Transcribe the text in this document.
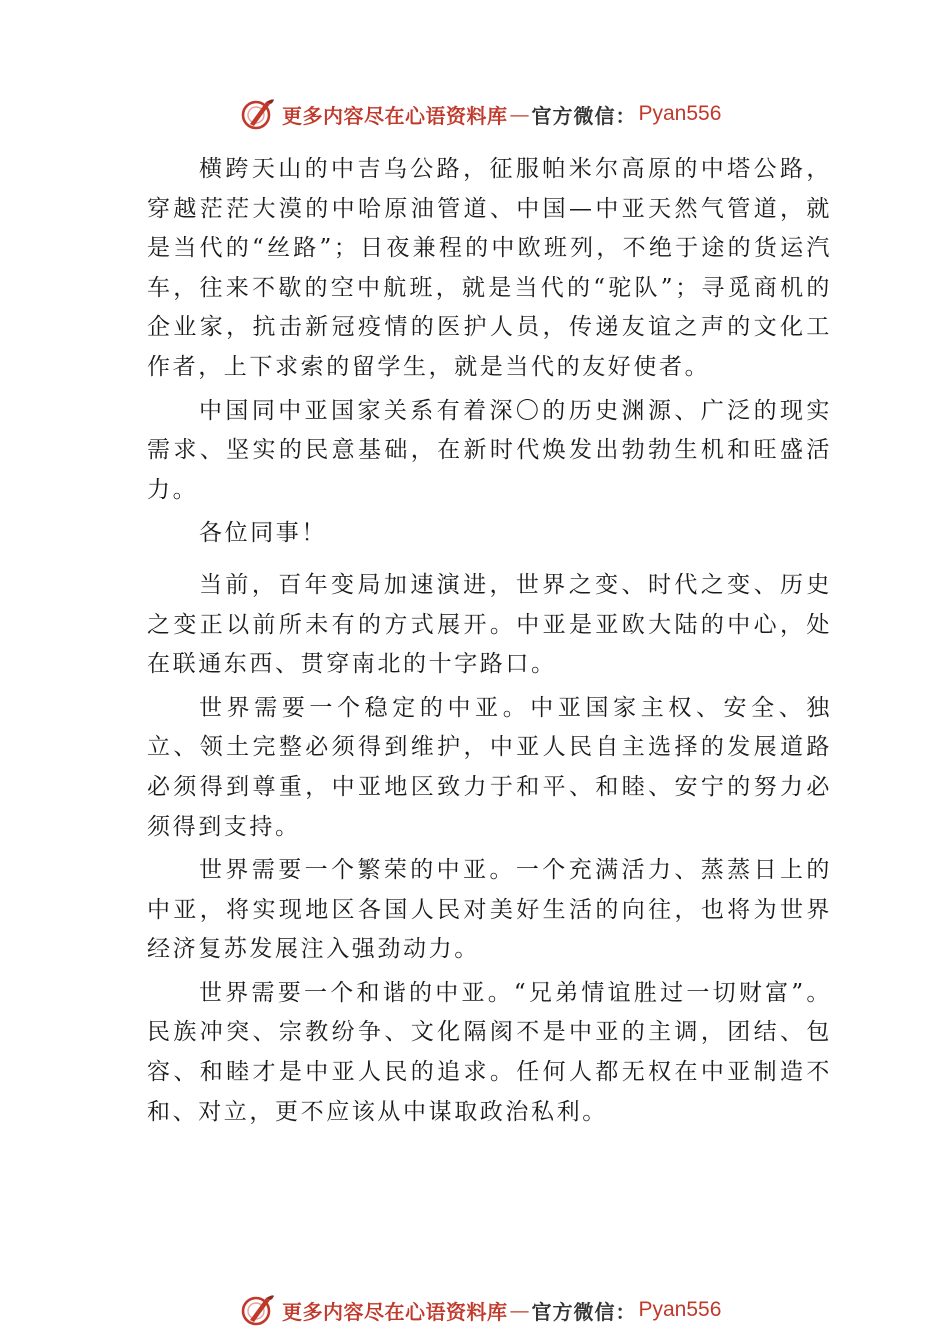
更多内容尽在心语资料库 — 官方微信： Pyan556

横跨天山的中吉乌公路，征服帕米尔高原的中塔公路，穿越茫茫大漠的中哈原油管道、中国—中亚天然气管道，就是当代的“丝路”；日夜兼程的中欧班列，不绝于途的货运汽车，往来不歇的空中航班，就是当代的“驼队”；寻觅商机的企业家，抗击新冠疫情的医护人员，传递友谊之声的文化工作者，上下求索的留学生，就是当代的友好使者。

中国同中亚国家关系有着深〇的历史渊源、广泛的现实需求、坚实的民意基础，在新时代焕发出勃勃生机和旺盛活力。

各位同事！

当前，百年变局加速演进，世界之变、时代之变、历史之变正以前所未有的方式展开。中亚是亚欧大陆的中心，处在联通东西、贯穿南北的十字路口。

世界需要一个稳定的中亚。中亚国家主权、安全、独立、领土完整必须得到维护，中亚人民自主选择的发展道路必须得到尊重，中亚地区致力于和平、和睦、安宁的努力必须得到支持。

世界需要一个繁荣的中亚。一个充满活力、蒸蒸日上的中亚，将实现地区各国人民对美好生活的向往，也将为世界经济复苏发展注入强劲动力。

世界需要一个和谐的中亚。“兄弟情谊胜过一切财富”。 民族冲突、宗教纷争、文化隔阂不是中亚的主调，团结、包容、和睦才是中亚人民的追求。任何人都无权在中亚制造不和、对立，更不应该从中谋取政治私利。

更多内容尽在心语资料库 — 官方微信： Pyan556
